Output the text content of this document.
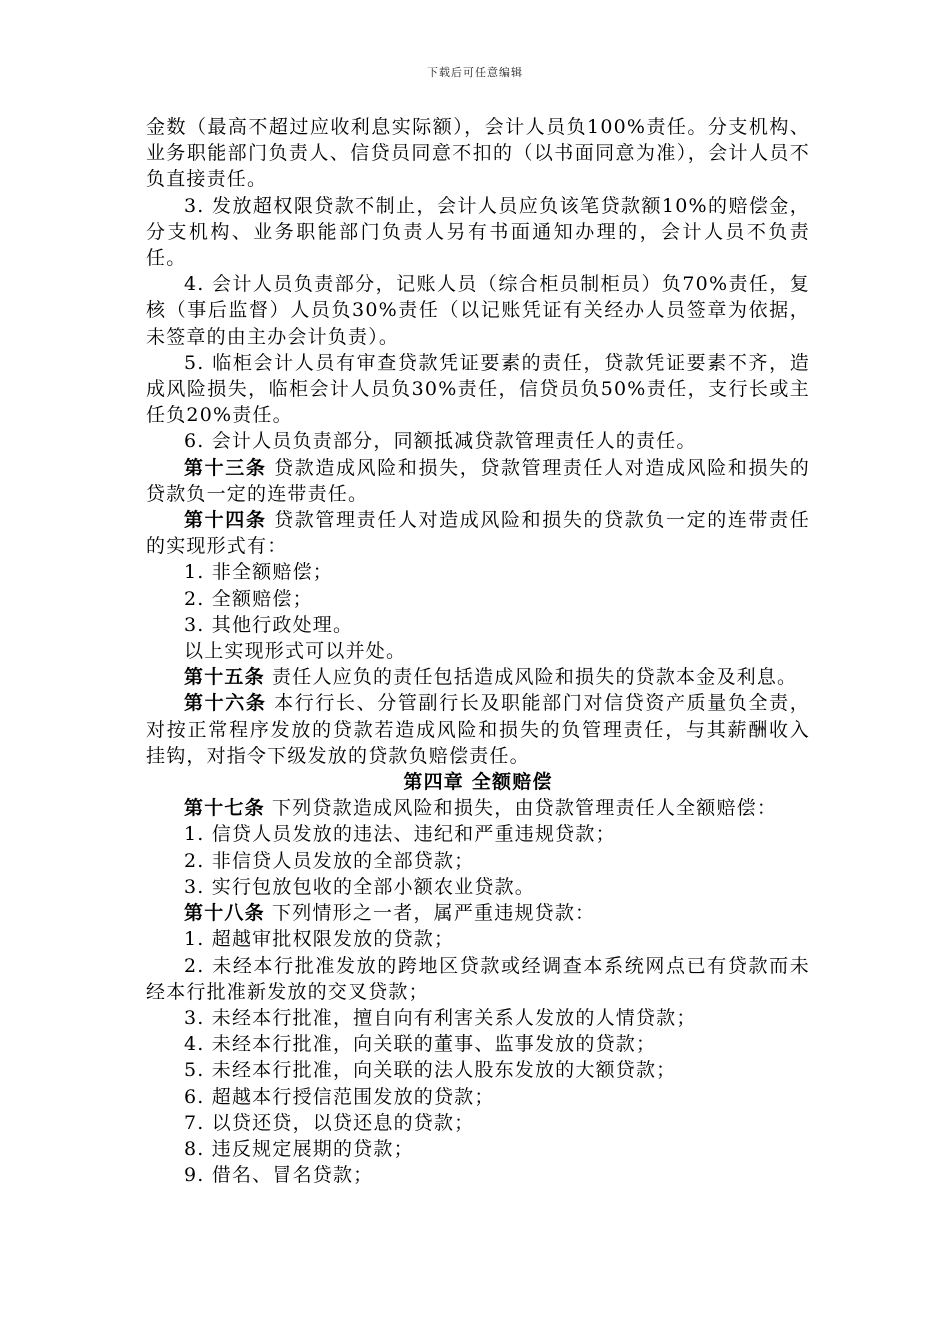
下载后可任意编辑

金数（最高不超过应收利息实际额），会计人员负100%责任。分支机构、业务职能部门负责人、信贷员同意不扣的（以书面同意为准），会计人员不负直接责任。

3. 发放超权限贷款不制止，会计人员应负该笔贷款额10%的赔偿金，分支机构、业务职能部门负责人另有书面通知办理的，会计人员不负责任。

4. 会计人员负责部分，记账人员（综合柜员制柜员）负70%责任，复核（事后监督）人员负30%责任（以记账凭证有关经办人员签章为依据，未签章的由主办会计负责）。

5. 临柜会计人员有审查贷款凭证要素的责任，贷款凭证要素不齐，造成风险损失，临柜会计人员负30%责任，信贷员负50%责任，支行长或主任负20%责任。

6. 会计人员负责部分，同额抵减贷款管理责任人的责任。

第十三条 贷款造成风险和损失，贷款管理责任人对造成风险和损失的贷款负一定的连带责任。

第十四条 贷款管理责任人对造成风险和损失的贷款负一定的连带责任的实现形式有：

1. 非全额赔偿；

2. 全额赔偿；

3. 其他行政处理。

以上实现形式可以并处。

第十五条 责任人应负的责任包括造成风险和损失的贷款本金及利息。

第十六条 本行行长、分管副行长及职能部门对信贷资产质量负全责，对按正常程序发放的贷款若造成风险和损失的负管理责任，与其薪酬收入挂钩，对指令下级发放的贷款负赔偿责任。

第四章 全额赔偿

第十七条 下列贷款造成风险和损失，由贷款管理责任人全额赔偿：

1. 信贷人员发放的违法、违纪和严重违规贷款；

2. 非信贷人员发放的全部贷款；

3. 实行包放包收的全部小额农业贷款。

第十八条 下列情形之一者，属严重违规贷款：

1. 超越审批权限发放的贷款；

2. 未经本行批准发放的跨地区贷款或经调查本系统网点已有贷款而未经本行批准新发放的交叉贷款；

3. 未经本行批准，擅自向有利害关系人发放的人情贷款；

4. 未经本行批准，向关联的董事、监事发放的贷款；

5. 未经本行批准，向关联的法人股东发放的大额贷款；

6. 超越本行授信范围发放的贷款；

7. 以贷还贷，以贷还息的贷款；

8. 违反规定展期的贷款；

9. 借名、冒名贷款；
